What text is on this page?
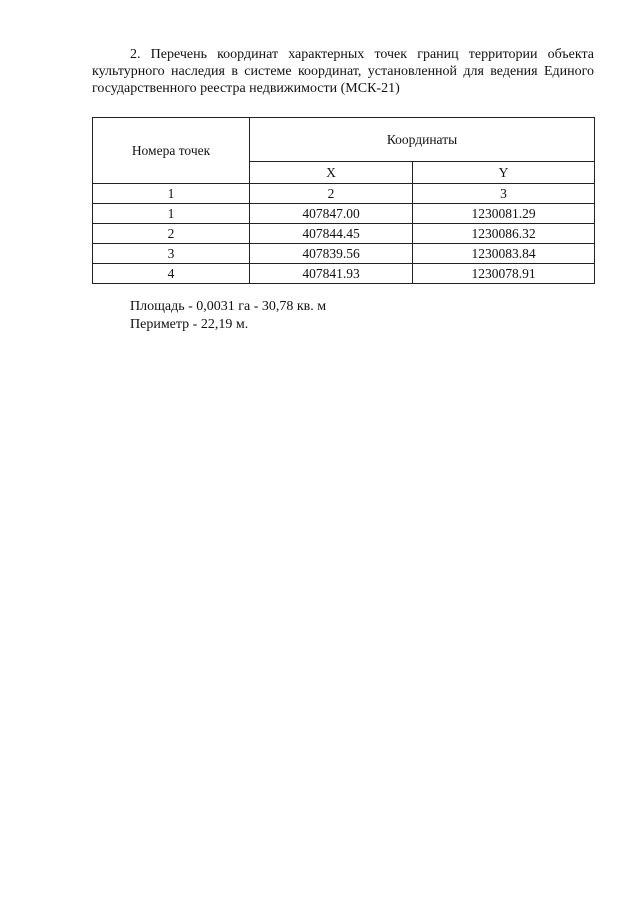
2. Перечень координат характерных точек границ территории объекта культурного наследия в системе координат, установленной для ведения Единого государственного реестра недвижимости (МСК-21)

Номера точек	Координаты	
	X	Y
1	2	3
1	407847.00	1230081.29
2	407844.45	1230086.32
3	407839.56	1230083.84
4	407841.93	1230078.91
Площадь - 0,0031 га - 30,78 кв. м
Периметр - 22,19 м.
